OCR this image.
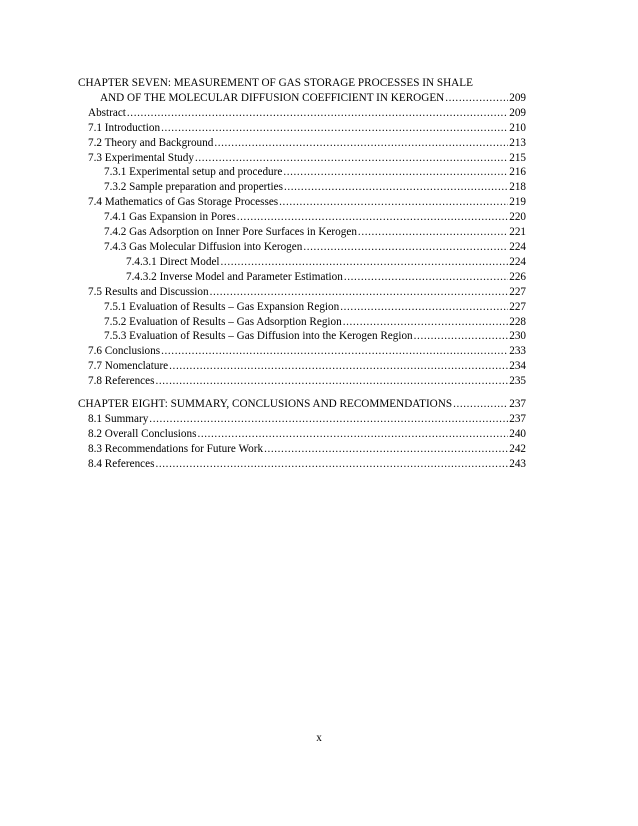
CHAPTER SEVEN: MEASUREMENT OF GAS STORAGE PROCESSES IN SHALE
AND OF THE MOLECULAR DIFFUSION COEFFICIENT IN KEROGEN .....	209
Abstract .....	209
7.1 Introduction .....	210
7.2 Theory and Background .....	213
7.3 Experimental Study .....	215
7.3.1 Experimental setup and procedure .....	216
7.3.2 Sample preparation and properties .....	218
7.4 Mathematics of Gas Storage Processes .....	219
7.4.1 Gas Expansion in Pores .....	220
7.4.2 Gas Adsorption on Inner Pore Surfaces in Kerogen .....	221
7.4.3 Gas Molecular Diffusion into Kerogen .....	224
7.4.3.1 Direct Model .....	224
7.4.3.2 Inverse Model and Parameter Estimation .....	226
7.5 Results and Discussion .....	227
7.5.1 Evaluation of Results – Gas Expansion Region .....	227
7.5.2 Evaluation of Results – Gas Adsorption Region .....	228
7.5.3 Evaluation of Results – Gas Diffusion into the Kerogen Region .....	230
7.6 Conclusions .....	233
7.7 Nomenclature .....	234
7.8 References .....	235
CHAPTER EIGHT: SUMMARY, CONCLUSIONS AND RECOMMENDATIONS .....	237
8.1 Summary .....	237
8.2 Overall Conclusions .....	240
8.3 Recommendations for Future Work .....	242
8.4 References .....	243
x
